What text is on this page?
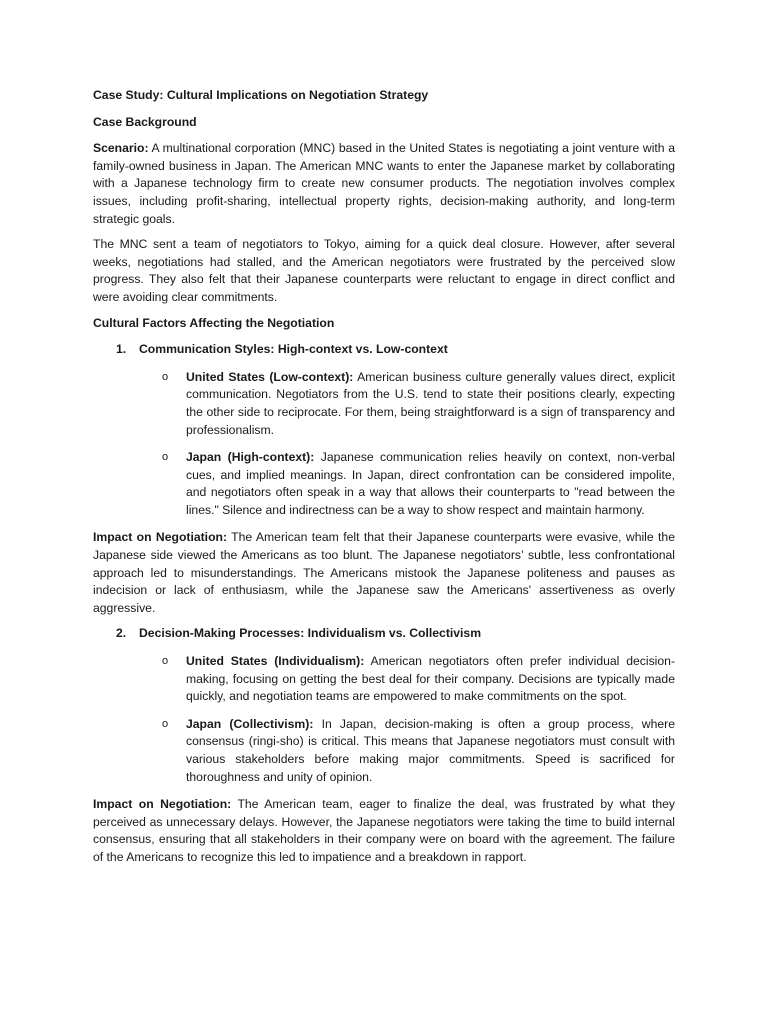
Case Study: Cultural Implications on Negotiation Strategy

Case Background

Scenario: A multinational corporation (MNC) based in the United States is negotiating a joint venture with a family-owned business in Japan. The American MNC wants to enter the Japanese market by collaborating with a Japanese technology firm to create new consumer products. The negotiation involves complex issues, including profit-sharing, intellectual property rights, decision-making authority, and long-term strategic goals.

The MNC sent a team of negotiators to Tokyo, aiming for a quick deal closure. However, after several weeks, negotiations had stalled, and the American negotiators were frustrated by the perceived slow progress. They also felt that their Japanese counterparts were reluctant to engage in direct conflict and were avoiding clear commitments.

Cultural Factors Affecting the Negotiation

1. Communication Styles: High-context vs. Low-context
o United States (Low-context): American business culture generally values direct, explicit communication. Negotiators from the U.S. tend to state their positions clearly, expecting the other side to reciprocate. For them, being straightforward is a sign of transparency and professionalism.
o Japan (High-context): Japanese communication relies heavily on context, non-verbal cues, and implied meanings. In Japan, direct confrontation can be considered impolite, and negotiators often speak in a way that allows their counterparts to "read between the lines." Silence and indirectness can be a way to show respect and maintain harmony.

Impact on Negotiation: The American team felt that their Japanese counterparts were evasive, while the Japanese side viewed the Americans as too blunt. The Japanese negotiators’ subtle, less confrontational approach led to misunderstandings. The Americans mistook the Japanese politeness and pauses as indecision or lack of enthusiasm, while the Japanese saw the Americans' assertiveness as overly aggressive.

2. Decision-Making Processes: Individualism vs. Collectivism
o United States (Individualism): American negotiators often prefer individual decision-making, focusing on getting the best deal for their company. Decisions are typically made quickly, and negotiation teams are empowered to make commitments on the spot.
o Japan (Collectivism): In Japan, decision-making is often a group process, where consensus (ringi-sho) is critical. This means that Japanese negotiators must consult with various stakeholders before making major commitments. Speed is sacrificed for thoroughness and unity of opinion.

Impact on Negotiation: The American team, eager to finalize the deal, was frustrated by what they perceived as unnecessary delays. However, the Japanese negotiators were taking the time to build internal consensus, ensuring that all stakeholders in their company were on board with the agreement. The failure of the Americans to recognize this led to impatience and a breakdown in rapport.
